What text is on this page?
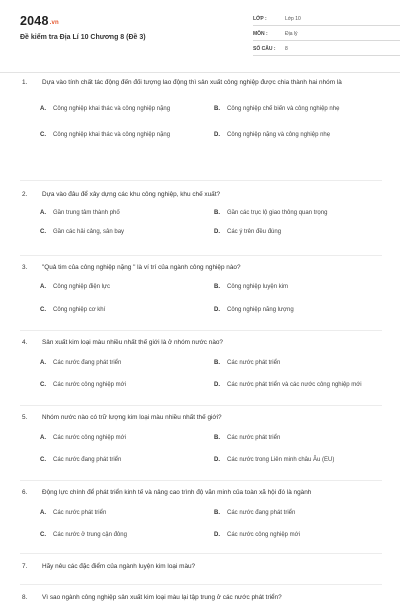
2048.vn
Đề kiểm tra Địa Lí 10 Chương 8 (Đề 3)
LỚP :	Lớp 10
MÔN :	Địa lý
SỐ CÂU :	8
1.	Dựa vào tính chất tác động đến đối tượng lao động thì sản xuất công nghiệp được chia thành hai nhóm là
A.	Công nghiệp khai thác và công nghiệp nặng	B.	Công nghiệp chế biến và công nghiệp nhẹ
C.	Công nghiệp khai thác và công nghiệp nặng	D.	Công nghiệp nặng và công nghiệp nhẹ
2.	Dựa vào đâu để xây dựng các khu công nghiệp, khu chế xuất?
A.	Gần trung tâm thành phố	B.	Gần các trục lộ giao thông quan trọng
C.	Gần các hải cảng, sân bay	D.	Các ý trên đều đúng
3.	"Quả tim của công nghiệp nặng " là ví trí của ngành công nghiệp nào?
A.	Công nghiệp điện lực	B.	Công nghiệp luyện kim
C.	Công nghiệp cơ khí	D.	Công nghiệp năng lượng
4.	Sản xuất kim loại màu nhiều nhất thế giới là ở nhóm nước nào?
A.	Các nước đang phát triển	B.	Các nước phát triển
C.	Các nước công nghiệp mới	D.	Các nước phát triển và các nước công nghiệp mới
5.	Nhóm nước nào có trữ lượng kim loại màu nhiều nhất thế giới?
A.	Các nước công nghiệp mới	B.	Các nước phát triển
C.	Các nước đang phát triển	D.	Các nước trong Liên minh châu Âu (EU)
6.	Động lực chính để phát triển kinh tế và nâng cao trình độ văn minh của toàn xã hội đó là ngành
A.	Các nước phát triển	B.	Các nước đang phát triển
C.	Các nước ở trung cận đông	D.	Các nước công nghiệp mới
7.	Hãy nêu các đặc điểm của ngành luyện kim loại màu?
8.	Vì sao ngành công nghiệp sản xuất kim loại màu lại tập trung ở các nước phát triển?
